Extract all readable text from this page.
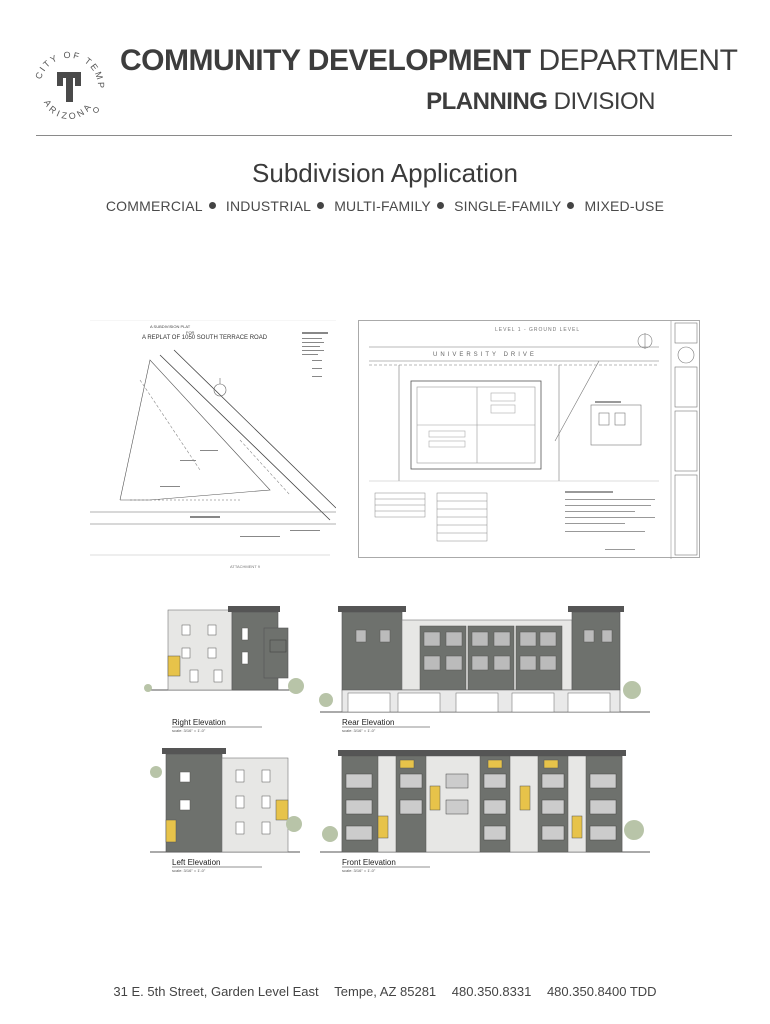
CITY OF TEMP
ARIZONA
COMMUNITY DEVELOPMENT DEPARTMENT
PLANNING DIVISION
Subdivision Application
COMMERCIAL INDUSTRIAL MULTI-FAMILY SINGLE-FAMILY MIXED-USE
A SUBDIVISION PLAT
FOR
A REPLAT OF 1050 SOUTH TERRACE ROAD
ATTACHMENT 9
LEVEL 1 - GROUND LEVEL
UNIVERSITY DRIVE
Right Elevation
scale: 3/16" = 1'-0"
Rear Elevation
scale: 3/16" = 1'-0"
Left Elevation
scale: 3/16" = 1'-0"
Front Elevation
scale: 3/16" = 1'-0"
31 E. 5th Street, Garden Level East Tempe, AZ 85281 480.350.8331 480.350.8400 TDD
